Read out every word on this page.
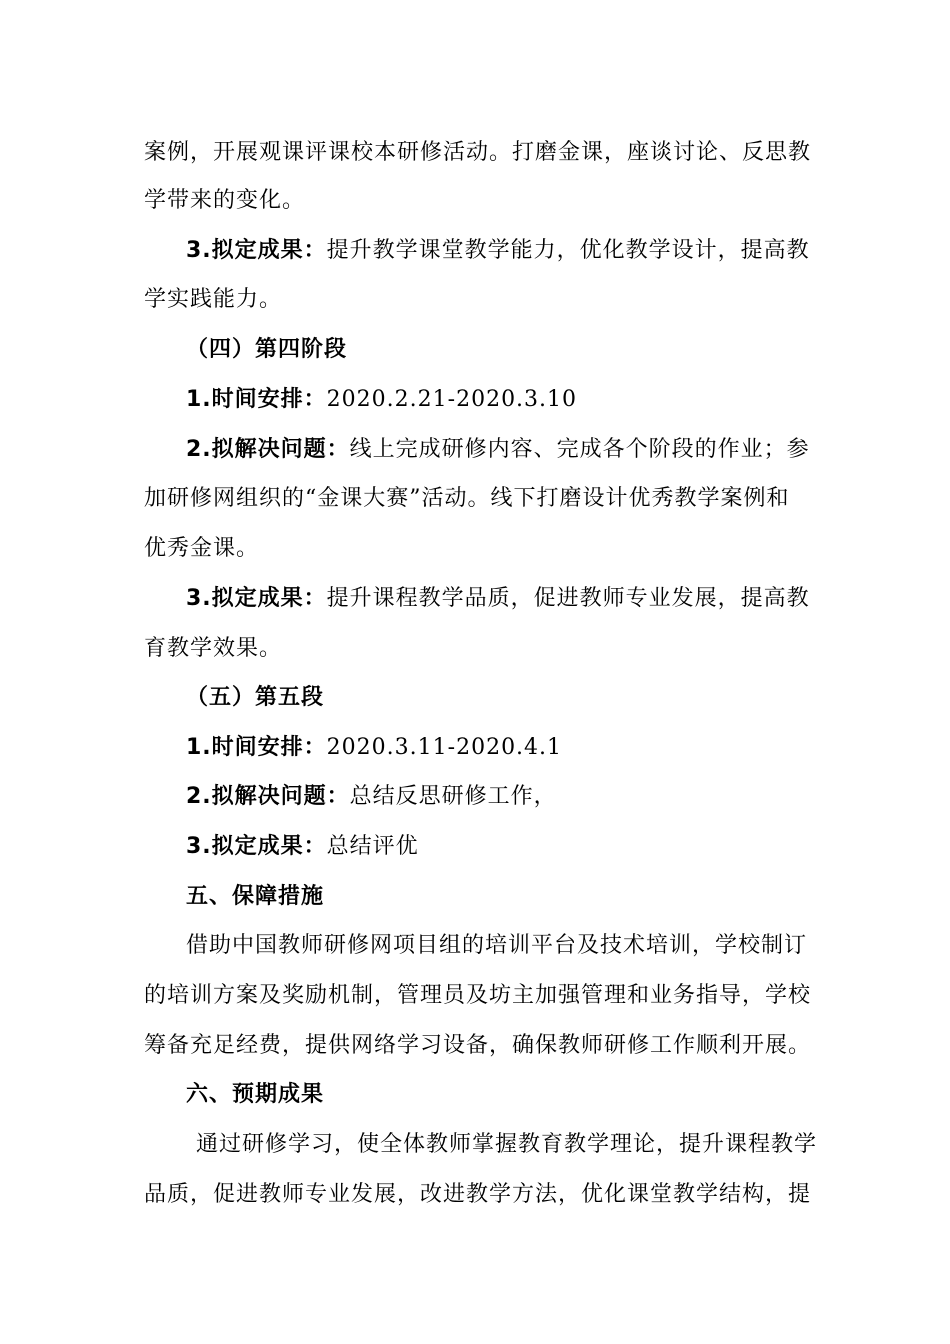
案例，开展观课评课校本研修活动。打磨金课，座谈讨论、反思教
学带来的变化。
3.拟定成果：提升教学课堂教学能力，优化教学设计，提高教
学实践能力。
（四）第四阶段
1.时间安排：2020.2.21-2020.3.10
2.拟解决问题：线上完成研修内容、完成各个阶段的作业；参
加研修网组织的“金课大赛”活动。线下打磨设计优秀教学案例和
优秀金课。
3.拟定成果：提升课程教学品质，促进教师专业发展，提高教
育教学效果。
（五）第五段
1.时间安排：2020.3.11-2020.4.1
2.拟解决问题：总结反思研修工作，
3.拟定成果：总结评优
五、保障措施
借助中国教师研修网项目组的培训平台及技术培训，学校制订
的培训方案及奖励机制，管理员及坊主加强管理和业务指导，学校
筹备充足经费，提供网络学习设备，确保教师研修工作顺利开展。
六、预期成果
通过研修学习，使全体教师掌握教育教学理论，提升课程教学
品质，促进教师专业发展，改进教学方法，优化课堂教学结构，提
